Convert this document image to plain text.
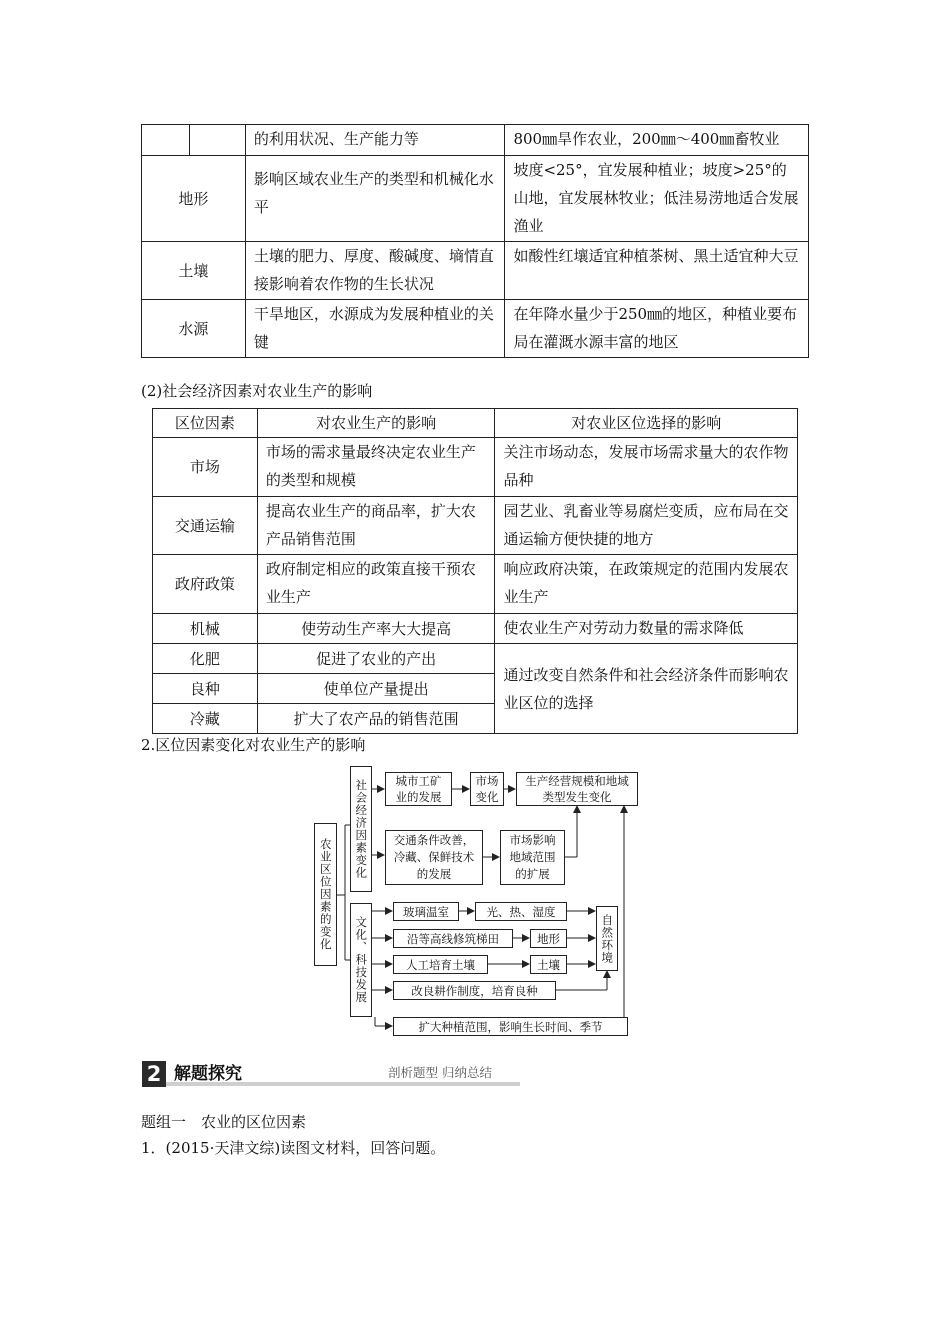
		的利用状况、生产能力等	800㎜旱作农业，200㎜～400㎜畜牧业
地形		影响区域农业生产的类型和机械化水平	坡度<25°，宜发展种植业；坡度>25°的山地，宜发展林牧业；低洼易涝地适合发展渔业
土壤		土壤的肥力、厚度、酸碱度、墒情直接影响着农作物的生长状况	如酸性红壤适宜种植茶树、黑土适宜种大豆
水源		干旱地区，水源成为发展种植业的关键	在年降水量少于250㎜的地区，种植业要布局在灌溉水源丰富的地区
(2)社会经济因素对农业生产的影响
区位因素	对农业生产的影响	对农业区位选择的影响
市场	市场的需求量最终决定农业生产的类型和规模	关注市场动态，发展市场需求量大的农作物品种
交通运输	提高农业生产的商品率，扩大农产品销售范围	园艺业、乳畜业等易腐烂变质，应布局在交通运输方便快捷的地方
政府政策	政府制定相应的政策直接干预农业生产	响应政府决策，在政策规定的范围内发展农业生产
机械	使劳动生产率大大提高	使农业生产对劳动力数量的需求降低
化肥	促进了农业的产出	通过改变自然条件和社会经济条件而影响农业区位的选择
良种	使单位产量提出	
冷藏	扩大了农产品的销售范围	
2.区位因素变化对农业生产的影响
农业区位因素的变化
社会经济因素变化
文化、科技发展
城市工矿业的发展
市场变化
生产经营规模和地域类型发生变化
交通条件改善，冷藏、保鲜技术的发展
市场影响地域范围的扩展
玻璃温室
沿等高线修筑梯田
人工培育土壤
光、热、湿度
地形
土壤
自然环境
改良耕作制度，培育良种
扩大种植范围，影响生长时间、季节
2 解题探究	剖析题型 归纳总结
题组一　农业的区位因素
1．(2015·天津文综)读图文材料，回答问题。
